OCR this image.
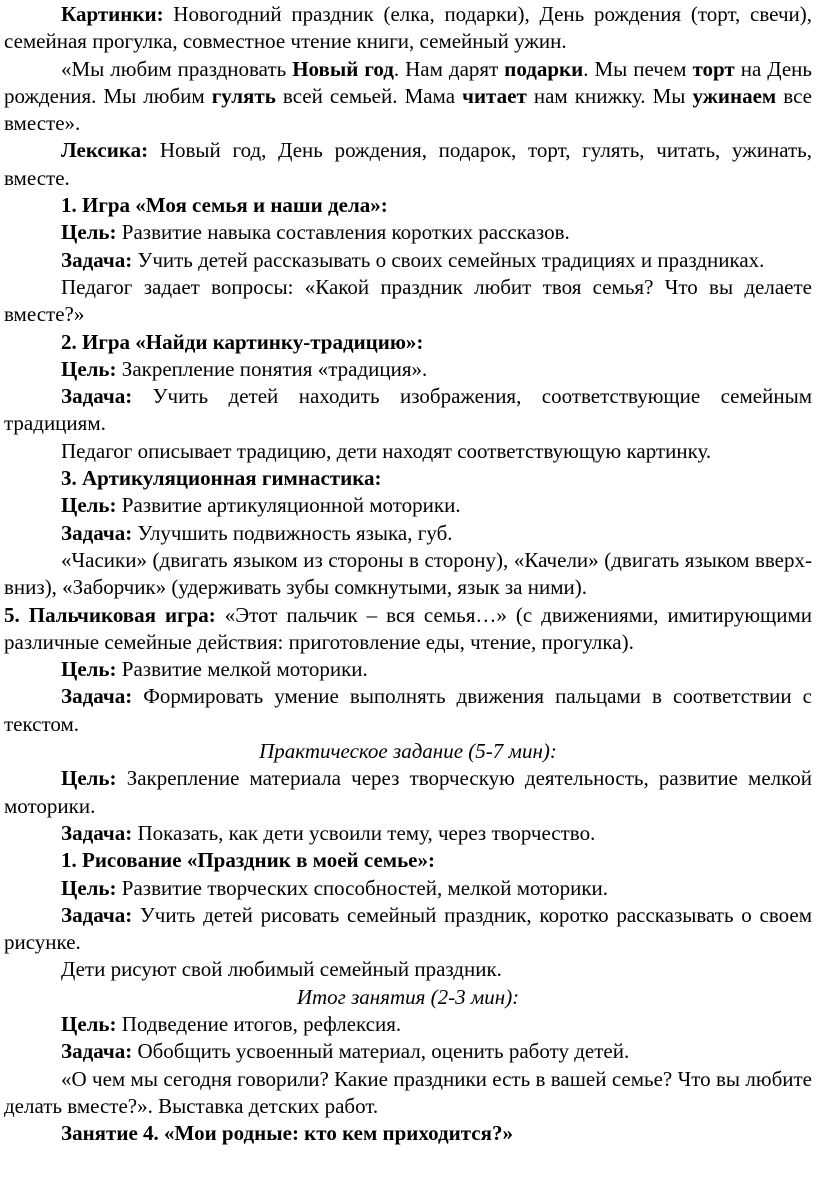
Картинки: Новогодний праздник (елка, подарки), День рождения (торт, свечи), семейная прогулка, совместное чтение книги, семейный ужин.

«Мы любим праздновать Новый год. Нам дарят подарки. Мы печем торт на День рождения. Мы любим гулять всей семьей. Мама читает нам книжку. Мы ужинаем все вместе».

Лексика: Новый год, День рождения, подарок, торт, гулять, читать, ужинать, вместе.

1. Игра «Моя семья и наши дела»:

Цель: Развитие навыка составления коротких рассказов.

Задача: Учить детей рассказывать о своих семейных традициях и праздниках.

Педагог задает вопросы: «Какой праздник любит твоя семья? Что вы делаете вместе?»

2. Игра «Найди картинку-традицию»:

Цель: Закрепление понятия «традиция».

Задача: Учить детей находить изображения, соответствующие семейным традициям.

Педагог описывает традицию, дети находят соответствующую картинку.

3. Артикуляционная гимнастика:

Цель: Развитие артикуляционной моторики.

Задача: Улучшить подвижность языка, губ.

«Часики» (двигать языком из стороны в сторону), «Качели» (двигать языком вверх-вниз), «Заборчик» (удерживать зубы сомкнутыми, язык за ними).

5. Пальчиковая игра: «Этот пальчик – вся семья…» (с движениями, имитирующими различные семейные действия: приготовление еды, чтение, прогулка).

Цель: Развитие мелкой моторики.

Задача: Формировать умение выполнять движения пальцами в соответствии с текстом.

Практическое задание (5-7 мин):

Цель: Закрепление материала через творческую деятельность, развитие мелкой моторики.

Задача: Показать, как дети усвоили тему, через творчество.

1. Рисование «Праздник в моей семье»:

Цель: Развитие творческих способностей, мелкой моторики.

Задача: Учить детей рисовать семейный праздник, коротко рассказывать о своем рисунке.

Дети рисуют свой любимый семейный праздник.

Итог занятия (2-3 мин):

Цель: Подведение итогов, рефлексия.

Задача: Обобщить усвоенный материал, оценить работу детей.

«О чем мы сегодня говорили? Какие праздники есть в вашей семье? Что вы любите делать вместе?». Выставка детских работ.

Занятие 4. «Мои родные: кто кем приходится?»
